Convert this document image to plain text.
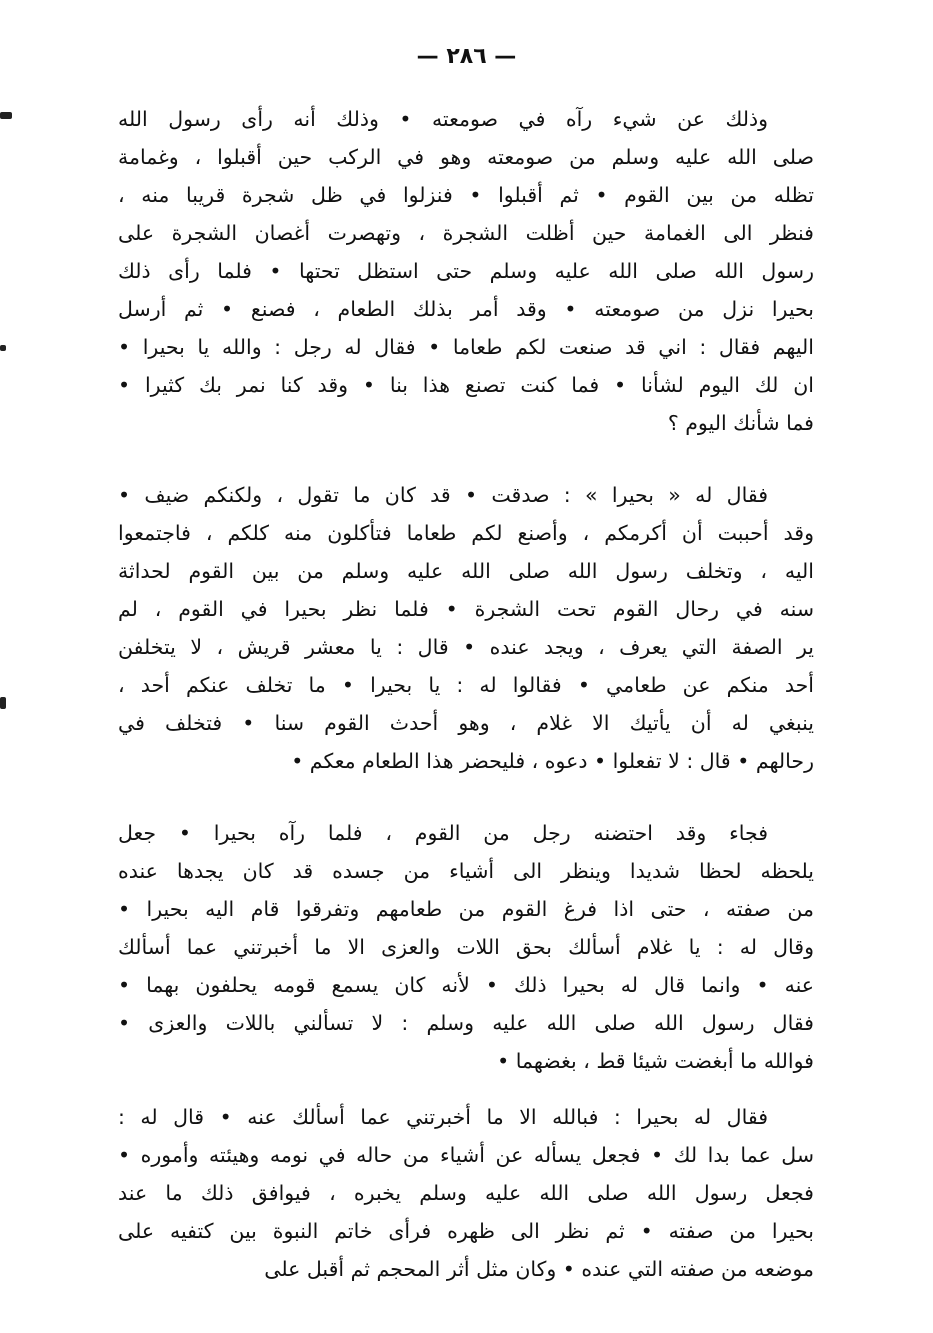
— ٢٨٦ —
وذلك عن شيء رآه في صومعته • وذلك أنه رأى رسول الله
صلى الله عليه وسلم من صومعته وهو في الركب حين أقبلوا ، وغمامة
تظله من بين القوم • ثم أقبلوا • فنزلوا في ظل شجرة قريبا منه ،
فنظر الى الغمامة حين أظلت الشجرة ، وتهصرت أغصان الشجرة على
رسول الله صلى الله عليه وسلم حتى استظل تحتها • فلما رأى ذلك
بحيرا نزل من صومعته • وقد أمر بذلك الطعام ، فصنع • ثم أرسل
اليهم فقال : اني قد صنعت لكم طعاما • فقال له رجل : والله يا بحيرا •
ان لك اليوم لشأنا • فما كنت تصنع هذا بنا • وقد كنا نمر بك كثيرا •
فما شأنك اليوم ؟
فقال له « بحيرا » : صدقت • قد كان ما تقول ، ولكنكم ضيف •
وقد أحببت أن أكرمكم ، وأصنع لكم طعاما فتأكلون منه كلكم ، فاجتمعوا
اليه ، وتخلف رسول الله صلى الله عليه وسلم من بين القوم لحداثة
سنه في رحال القوم تحت الشجرة • فلما نظر بحيرا في القوم ، لم
ير الصفة التي يعرف ، ويجد عنده • قال : يا معشر قريش ، لا يتخلفن
أحد منكم عن طعامي • فقالوا له : يا بحيرا • ما تخلف عنكم أحد ،
ينبغي له أن يأتيك الا غلام ، وهو أحدث القوم سنا • فتخلف في
رحالهم • قال : لا تفعلوا • دعوه ، فليحضر هذا الطعام معكم •
فجاء وقد احتضنه رجل من القوم ، فلما رآه بحيرا • جعل
يلحظه لحظا شديدا وينظر الى أشياء من جسده قد كان يجدها عنده
من صفته ، حتى اذا فرغ القوم من طعامهم وتفرقوا قام اليه بحيرا •
وقال له : يا غلام أسألك بحق اللات والعزى الا ما أخبرتني عما أسألك
عنه • وانما قال له بحيرا ذلك • لأنه كان يسمع قومه يحلفون بهما •
فقال رسول الله صلى الله عليه وسلم : لا تسألني باللات والعزى •
فوالله ما أبغضت شيئا قط ، بغضهما •
فقال له بحيرا : فبالله الا ما أخبرتني عما أسألك عنه • قال له :
سل عما بدا لك • فجعل يسأله عن أشياء من حاله في نومه وهيئته وأموره •
فجعل رسول الله صلى الله عليه وسلم يخبره ، فيوافق ذلك ما عند
بحيرا من صفته • ثم نظر الى ظهره فرأى خاتم النبوة بين كتفيه على
موضعه من صفته التي عنده • وكان مثل أثر المحجم ثم أقبل على
